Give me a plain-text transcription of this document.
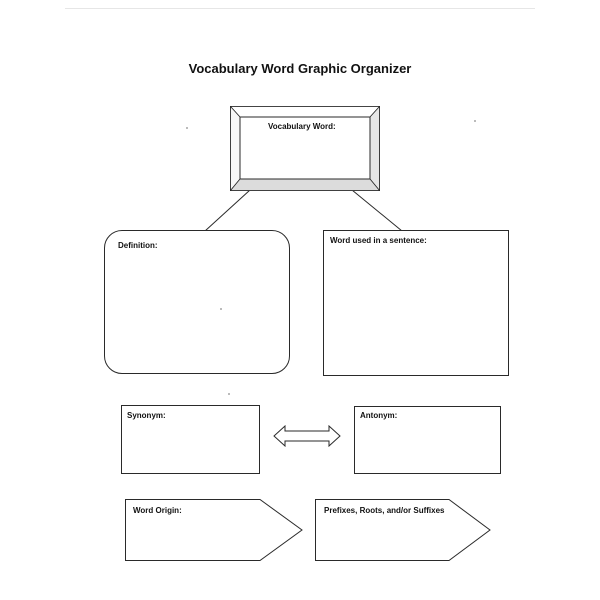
Vocabulary Word Graphic Organizer
Vocabulary Word:
Definition:
Word used in a sentence:
Synonym:	Antonym:
Word Origin:	Prefixes, Roots, and/or Suffixes
